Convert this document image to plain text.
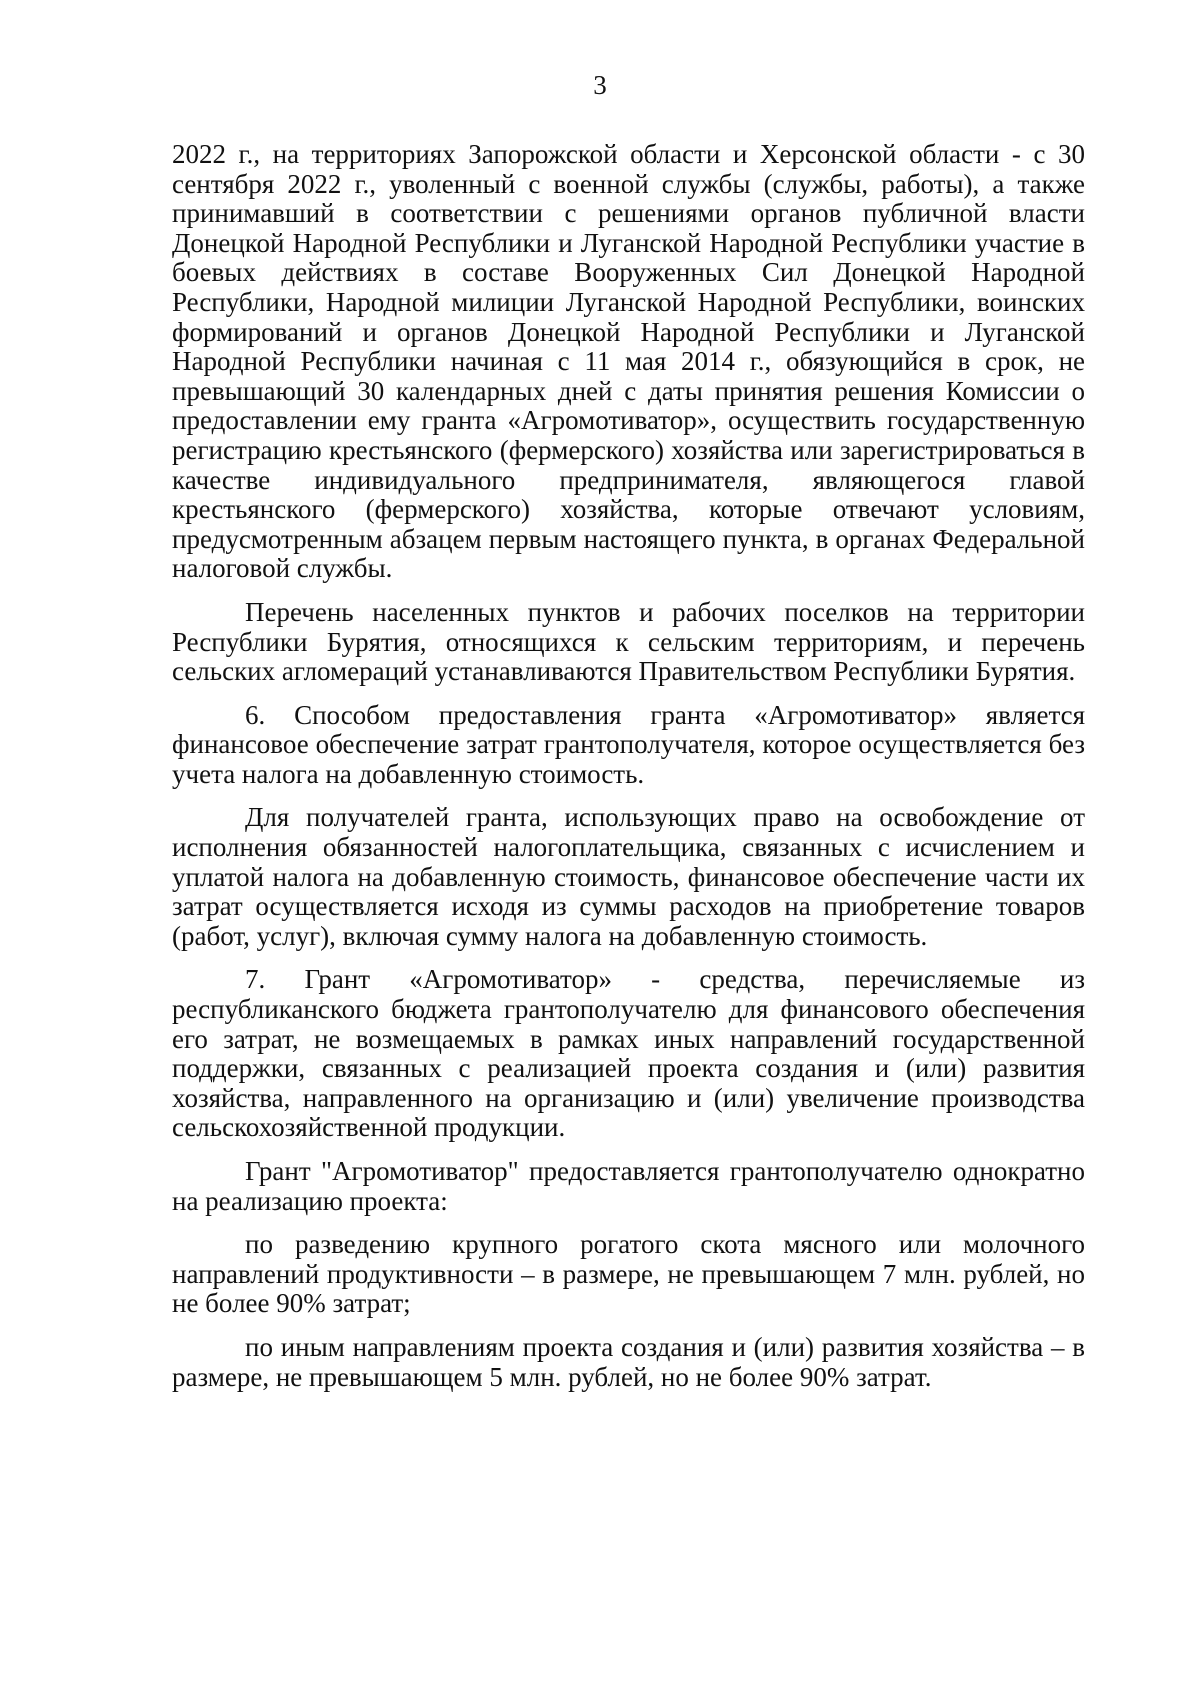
3

2022 г., на территориях Запорожской области и Херсонской области - с 30 сентября 2022 г., уволенный с военной службы (службы, работы), а также принимавший в соответствии с решениями органов публичной власти Донецкой Народной Республики и Луганской Народной Республики участие в боевых действиях в составе Вооруженных Сил Донецкой Народной Республики, Народной милиции Луганской Народной Республики, воинских формирований и органов Донецкой Народной Республики и Луганской Народной Республики начиная с 11 мая 2014 г., обязующийся в срок, не превышающий 30 календарных дней с даты принятия решения Комиссии о предоставлении ему гранта «Агромотиватор», осуществить государственную регистрацию крестьянского (фермерского) хозяйства или зарегистрироваться в качестве индивидуального предпринимателя, являющегося главой крестьянского (фермерского) хозяйства, которые отвечают условиям, предусмотренным абзацем первым настоящего пункта, в органах Федеральной налоговой службы.

Перечень населенных пунктов и рабочих поселков на территории Республики Бурятия, относящихся к сельским территориям, и перечень сельских агломераций устанавливаются Правительством Республики Бурятия.

6. Способом предоставления гранта «Агромотиватор» является финансовое обеспечение затрат грантополучателя, которое осуществляется без учета налога на добавленную стоимость.

Для получателей гранта, использующих право на освобождение от исполнения обязанностей налогоплательщика, связанных с исчислением и уплатой налога на добавленную стоимость, финансовое обеспечение части их затрат осуществляется исходя из суммы расходов на приобретение товаров (работ, услуг), включая сумму налога на добавленную стоимость.

7. Грант «Агромотиватор» - средства, перечисляемые из республиканского бюджета грантополучателю для финансового обеспечения его затрат, не возмещаемых в рамках иных направлений государственной поддержки, связанных с реализацией проекта создания и (или) развития хозяйства, направленного на организацию и (или) увеличение производства сельскохозяйственной продукции.

Грант "Агромотиватор" предоставляется грантополучателю однократно на реализацию проекта:

по разведению крупного рогатого скота мясного или молочного направлений продуктивности – в размере, не превышающем 7 млн. рублей, но не более 90% затрат;

по иным направлениям проекта создания и (или) развития хозяйства – в размере, не превышающем 5 млн. рублей, но не более 90% затрат.
